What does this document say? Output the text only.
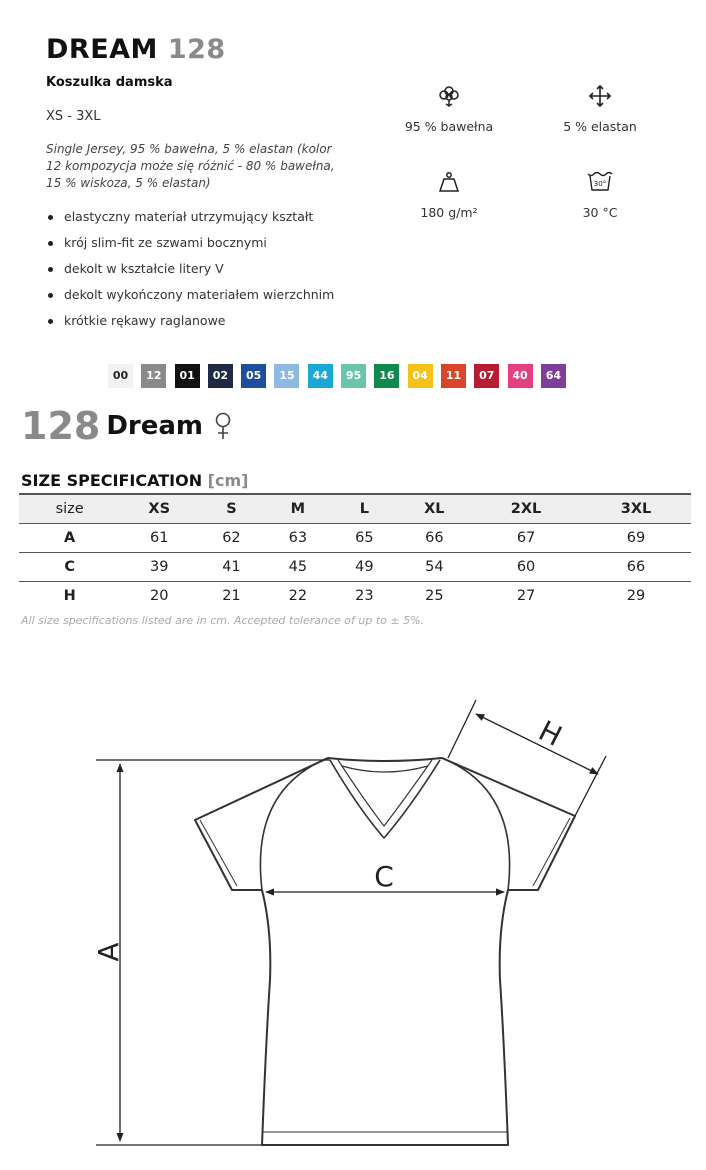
DREAM 128
Koszulka damska
XS - 3XL
Single Jersey, 95 % bawełna, 5 % elastan (kolor 12 kompozycja może się różnić - 80 % bawełna, 15 % wiskoza, 5 % elastan)
elastyczny materiał utrzymujący kształt
krój slim-fit ze szwami bocznymi
dekolt w kształcie litery V
dekolt wykończony materiałem wierzchnim
krótkie rękawy raglanowe
95 % bawełna	5 % elastan
180 g/m²
30°
30 °C
00	12	01	02	05	15	44	95	16	04	11	07	40	64
128 Dream
SIZE SPECIFICATION [cm]
size	XS	S	M	L	XL	2XL	3XL
A	61	62	63	65	66	67	69
C	39	41	45	49	54	60	66
H	20	21	22	23	25	27	29
All size specifications listed are in cm. Accepted tolerance of up to ± 5%.
A
C
H
